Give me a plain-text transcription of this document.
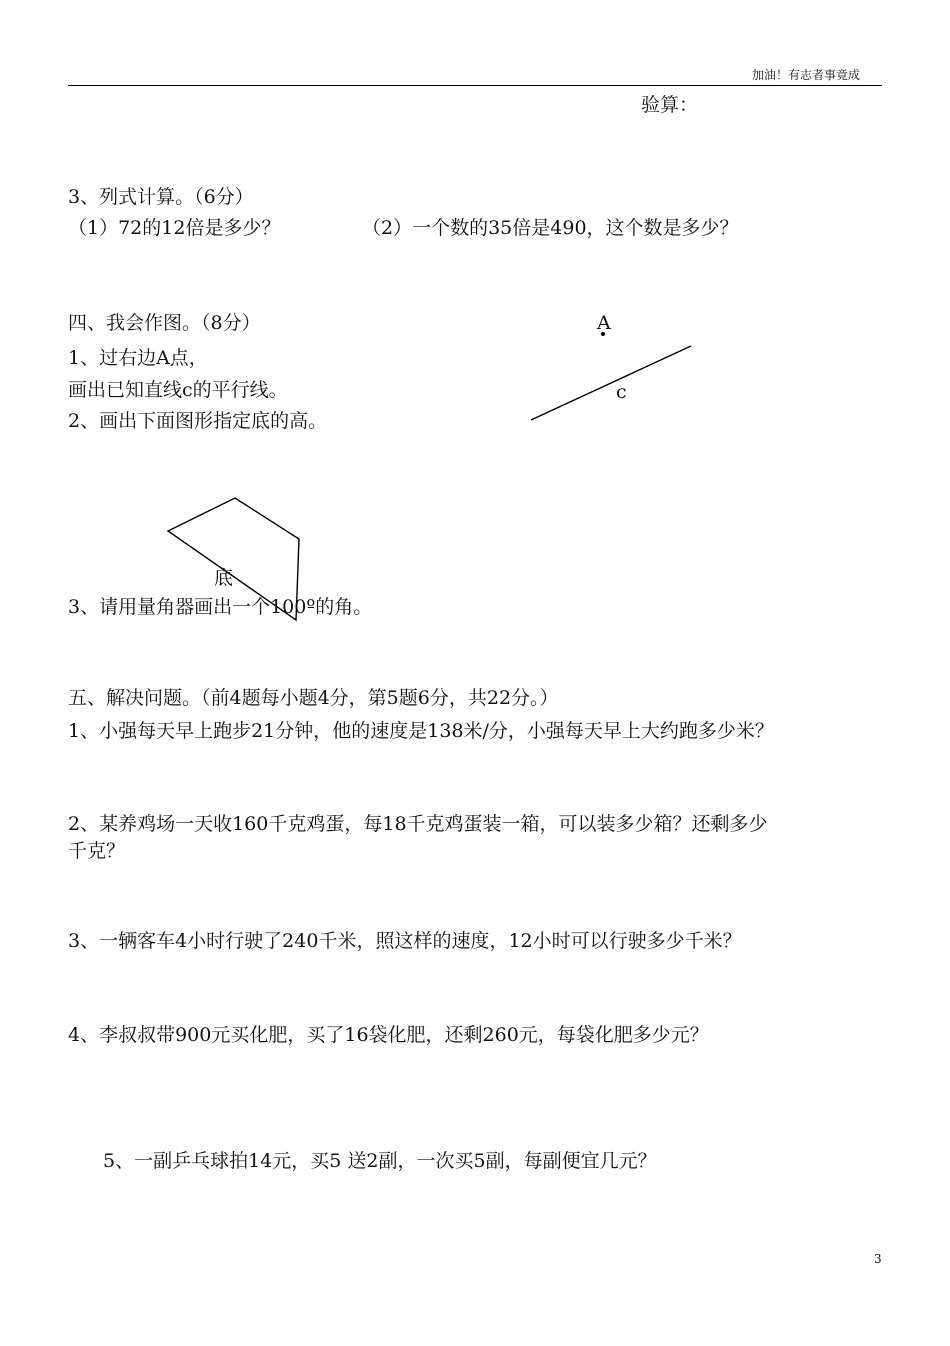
加油！有志者事竟成
验算：
3、列式计算。（6分）
（1）72的12倍是多少？	（2）一个数的35倍是490，这个数是多少？
四、我会作图。（8分）
1、过右边A点，
画出已知直线c的平行线。
2、画出下面图形指定底的高。
A
c
底
3、请用量角器画出一个100º的角。
五、解决问题。（前4题每小题4分，第5题6分，共22分。）
1、小强每天早上跑步21分钟，他的速度是138米/分，小强每天早上大约跑多少米？
2、某养鸡场一天收160千克鸡蛋，每18千克鸡蛋装一箱，可以装多少箱？还剩多少
千克？
3、一辆客车4小时行驶了240千米，照这样的速度，12小时可以行驶多少千米？
4、李叔叔带900元买化肥，买了16袋化肥，还剩260元，每袋化肥多少元？
5、一副乒乓球拍14元，买5 送2副，一次买5副，每副便宜几元？
3
